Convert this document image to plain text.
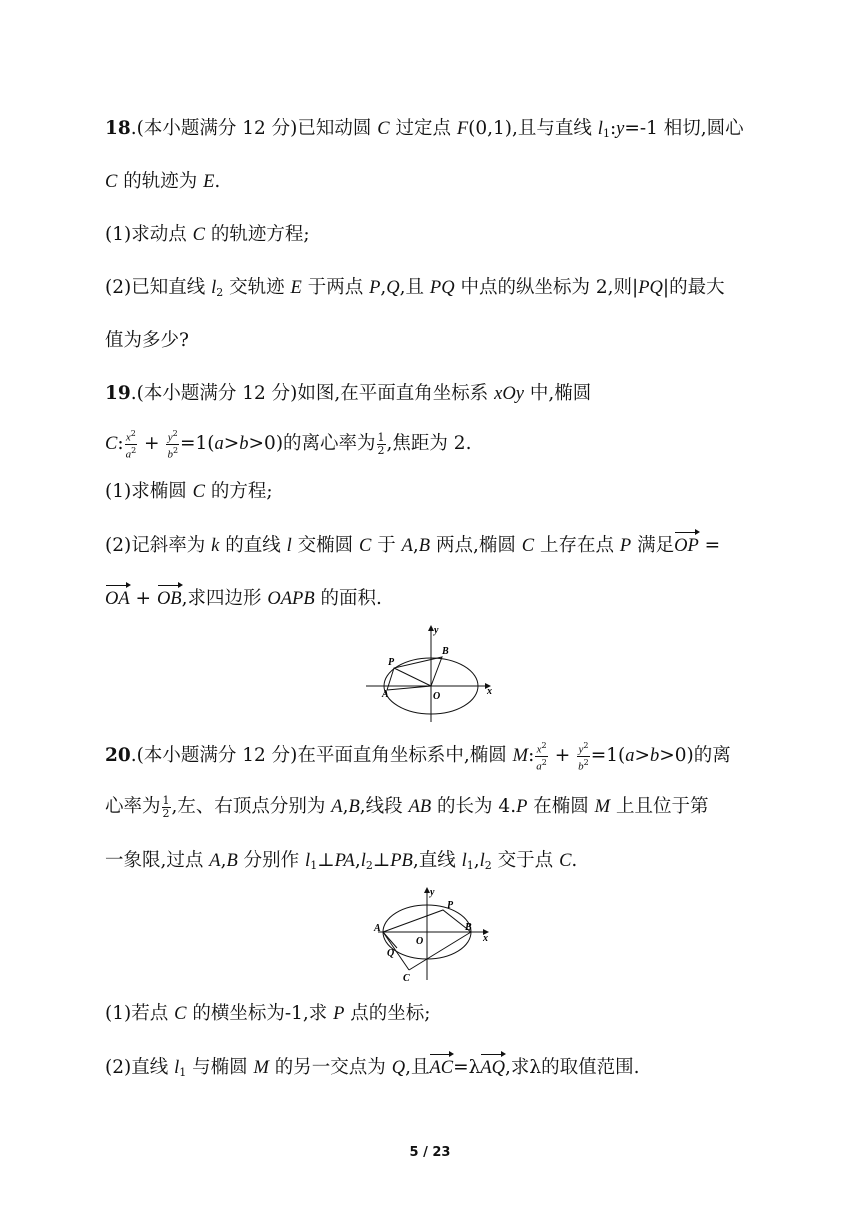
18.(本小题满分 12 分)已知动圆 C 过定点 F(0,1),且与直线 $l_1:y=-1$ 相切,圆心
C 的轨迹为 E.
(1)求动点 C 的轨迹方程;
(2)已知直线 $l_2$ 交轨迹 E 于两点 P,Q,且 PQ 中点的纵坐标为 2,则|PQ|的最大
值为多少?
19.(本小题满分 12 分)如图,在平面直角坐标系 xOy 中,椭圆
C: $\frac{x^2}{a^2} + \frac{y^2}{b^2} =1(a>b>0)$的离心率为 $\frac{1}{2}$ ,焦距为 2.
(1)求椭圆 C 的方程;
(2)记斜率为 k 的直线 l 交椭圆 C 于 A,B 两点,椭圆 C 上存在点 P 满足OP =
OA + OB,求四边形 OAPB 的面积.
A
P
B
O	x
y
20.(本小题满分 12 分)在平面直角坐标系中,椭圆 M: $\frac{x^2}{a^2} + \frac{y^2}{b^2} =1(a>b>0)$的离
心率为 $\frac{1}{2}$ ,左、右顶点分别为 A,B,线段 AB 的长为 4.P 在椭圆 M 上且位于第
一象限,过点 A,B 分别作 $l_1\perp PA,l_2\perp PB$,直线 $l_1,l_2$ 交于点 C.
A	B
P
O
Q
C
x
y
(1)若点 C 的横坐标为-1,求 P 点的坐标;
(2)直线 $l_1$ 与椭圆 M 的另一交点为 Q,且AC=λAQ,求λ的取值范围.
5 / 23
